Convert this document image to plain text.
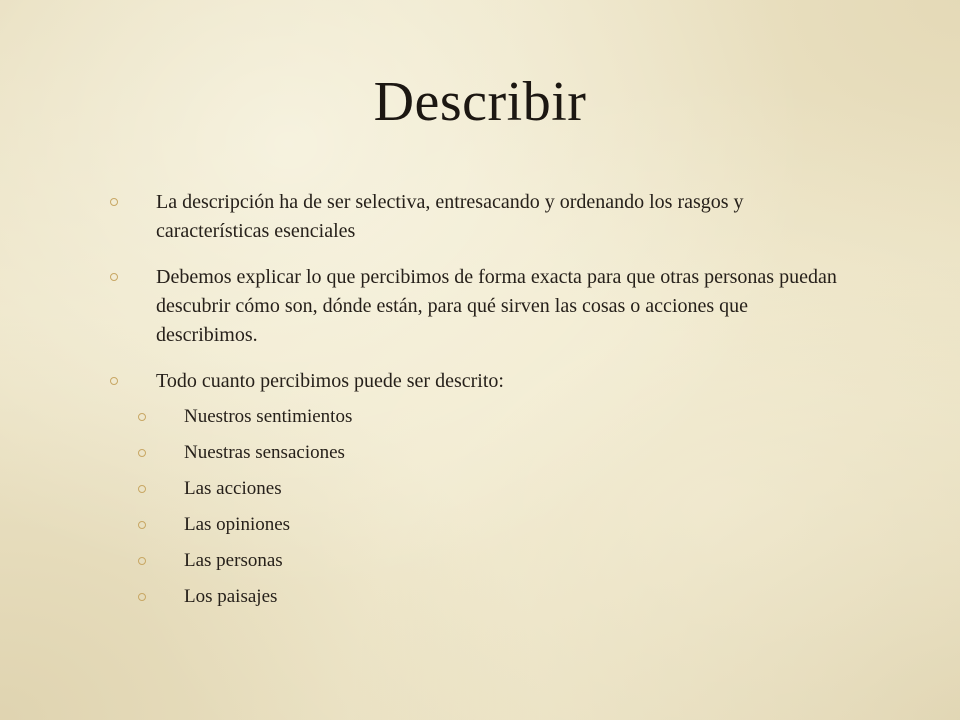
Describir
La descripción ha de ser selectiva, entresacando y ordenando los rasgos y características esenciales
Debemos explicar lo que percibimos de forma exacta para que otras personas puedan descubrir cómo son, dónde están, para qué sirven las cosas o acciones que describimos.
Todo cuanto percibimos puede ser descrito:
Nuestros sentimientos
Nuestras sensaciones
Las acciones
Las opiniones
Las personas
Los paisajes
